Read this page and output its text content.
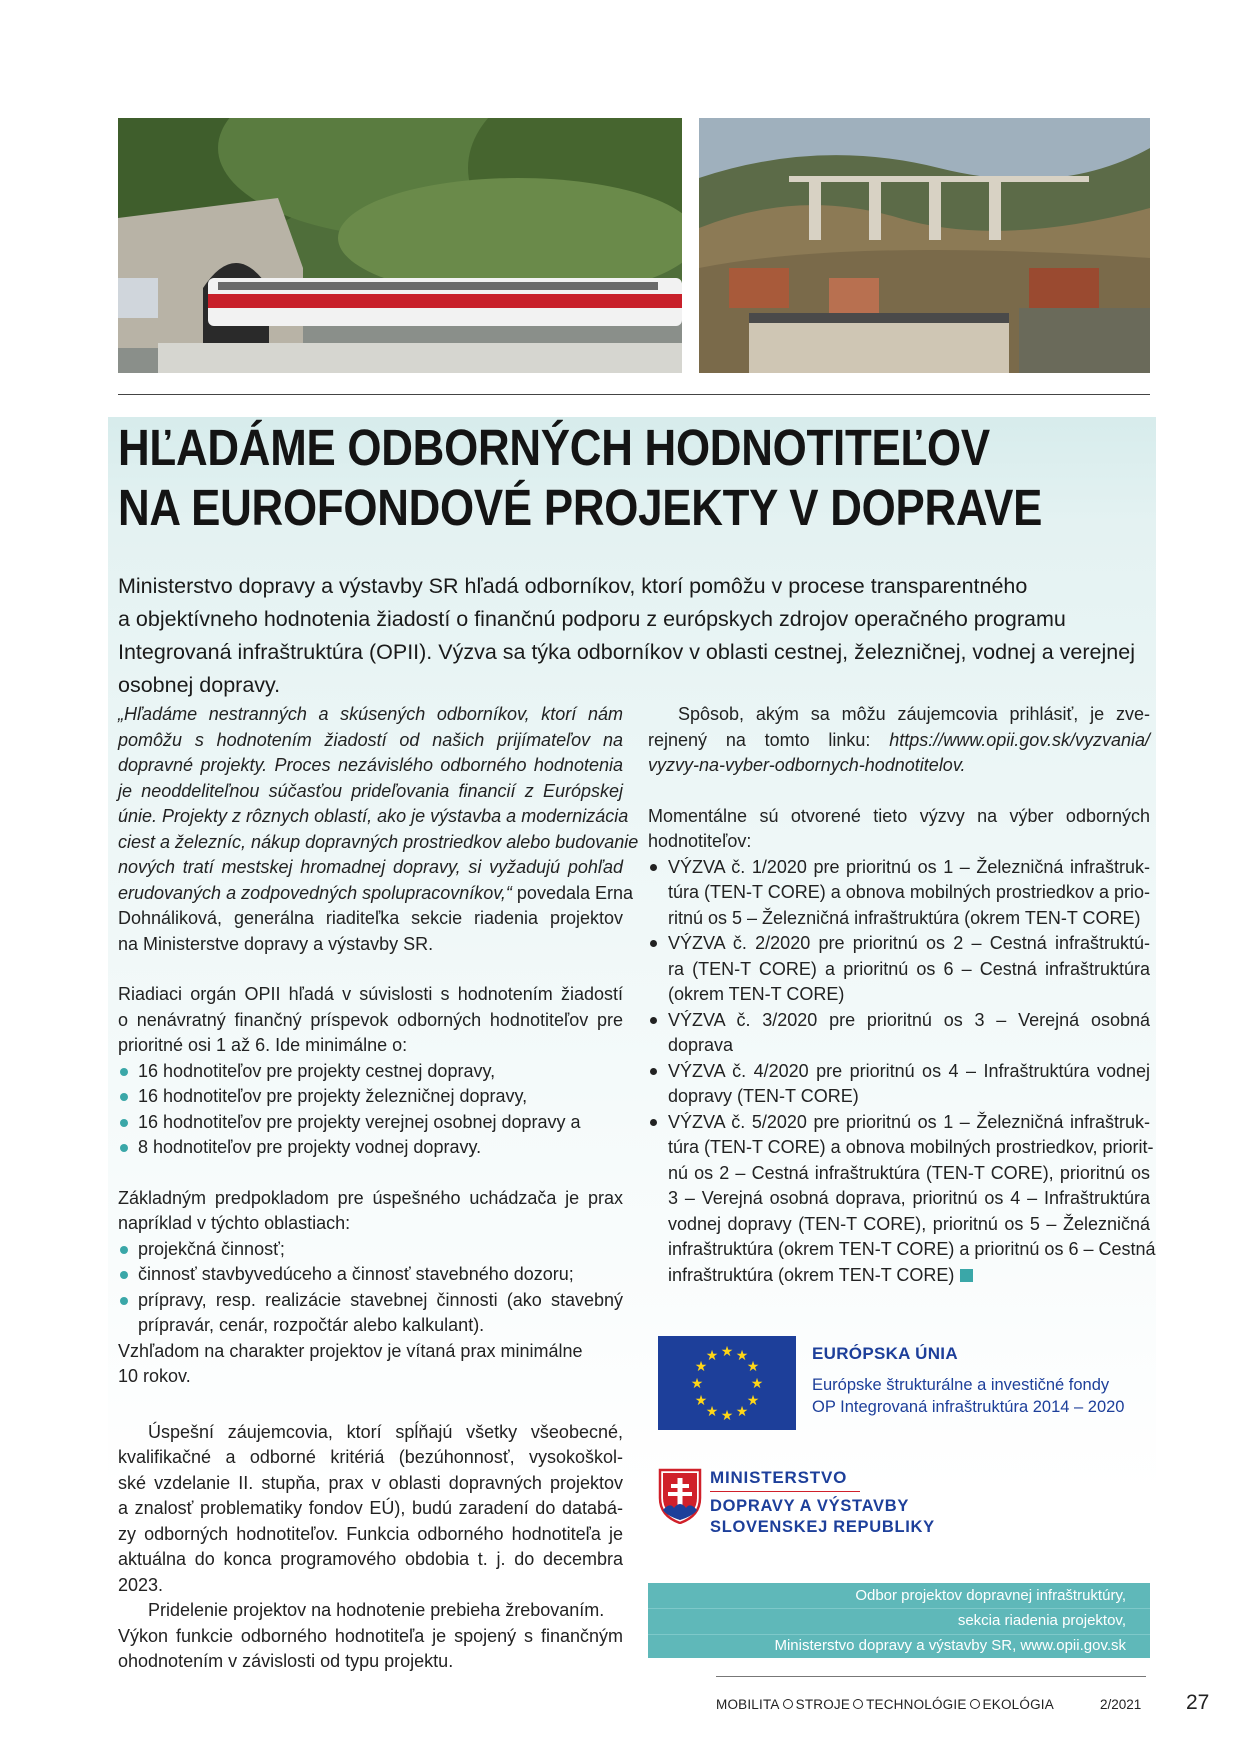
HĽADÁME ODBORNÝCH HODNOTITEĽOV
NA EUROFONDOVÉ PROJEKTY V DOPRAVE

Ministerstvo dopravy a výstavby SR hľadá odborníkov, ktorí pomôžu v procese transparentného
a objektívneho hodnotenia žiadostí o finančnú podporu z európskych zdrojov operačného programu
Integrovaná infraštruktúra (OPII). Výzva sa týka odborníkov v oblasti cestnej, železničnej, vodnej a verejnej
osobnej dopravy.

„Hľadáme nestranných a skúsených odborníkov, ktorí nám
pomôžu s hodnotením žiadostí od našich prijímateľov na
dopravné projekty. Proces nezávislého odborného hodnotenia
je neoddeliteľnou súčasťou prideľovania financií z Európskej
únie. Projekty z rôznych oblastí, ako je výstavba a modernizácia
ciest a železníc, nákup dopravných prostriedkov alebo budovanie
nových tratí mestskej hromadnej dopravy, si vyžadujú pohľad
erudovaných a zodpovedných spolupracovníkov,“ povedala Erna
Dohnáliková, generálna riaditeľka sekcie riadenia projektov
na Ministerstve dopravy a výstavby SR.
Riadiaci orgán OPII hľadá v súvislosti s hodnotením žiadostí
o nenávratný finančný príspevok odborných hodnotiteľov pre
prioritné osi 1 až 6. Ide minimálne o:
16 hodnotiteľov pre projekty cestnej dopravy,
16 hodnotiteľov pre projekty železničnej dopravy,
16 hodnotiteľov pre projekty verejnej osobnej dopravy a
8 hodnotiteľov pre projekty vodnej dopravy.
Základným predpokladom pre úspešného uchádzača je prax
napríklad v týchto oblastiach:
projekčná činnosť;
činnosť stavbyvedúceho a činnosť stavebného dozoru;
prípravy, resp. realizácie stavebnej činnosti (ako stavebný
prípravár, cenár, rozpočtár alebo kalkulant).
Vzhľadom na charakter projektov je vítaná prax minimálne
10 rokov.
Úspešní záujemcovia, ktorí spĺňajú všetky všeobecné,
kvalifikačné a odborné kritériá (bezúhonnosť, vysokoškol-
ské vzdelanie II. stupňa, prax v oblasti dopravných projektov
a znalosť problematiky fondov EÚ), budú zaradení do databá-
zy odborných hodnotiteľov. Funkcia odborného hodnotiteľa je
aktuálna do konca programového obdobia t. j. do decembra
2023.
Pridelenie projektov na hodnotenie prebieha žrebovaním.
Výkon funkcie odborného hodnotiteľa je spojený s finančným
ohodnotením v závislosti od typu projektu.
Spôsob, akým sa môžu záujemcovia prihlásiť, je zve-
rejnený na tomto linku: https://www.opii.gov.sk/vyzvania/
vyzvy-na-vyber-odbornych-hodnotitelov.
Momentálne sú otvorené tieto výzvy na výber odborných
hodnotiteľov:
VÝZVA č. 1/2020 pre prioritnú os 1 – Železničná infraštruk-
túra (TEN-T CORE) a obnova mobilných prostriedkov a prio-
ritnú os 5 – Železničná infraštruktúra (okrem TEN-T CORE)
VÝZVA č. 2/2020 pre prioritnú os 2 – Cestná infraštruktú-
ra (TEN-T CORE) a prioritnú os 6 – Cestná infraštruktúra
(okrem TEN-T CORE)
VÝZVA č. 3/2020 pre prioritnú os 3 – Verejná osobná
doprava
VÝZVA č. 4/2020 pre prioritnú os 4 – Infraštruktúra vodnej
dopravy (TEN-T CORE)
VÝZVA č. 5/2020 pre prioritnú os 1 – Železničná infraštruk-
túra (TEN-T CORE) a obnova mobilných prostriedkov, priorit-
nú os 2 – Cestná infraštruktúra (TEN-T CORE), prioritnú os
3 – Verejná osobná doprava, prioritnú os 4 – Infraštruktúra
vodnej dopravy (TEN-T CORE), prioritnú os 5 – Železničná
infraštruktúra (okrem TEN-T CORE) a prioritnú os 6 – Cestná
infraštruktúra (okrem TEN-T CORE)
★ ★
★
★
★
★
★
★
★
★
★
★	EURÓPSKA ÚNIA
Európske štrukturálne a investičné fondy
OP Integrovaná infraštruktúra 2014 – 2020
MINISTERSTVO
DOPRAVY A VÝSTAVBY
SLOVENSKEJ REPUBLIKY
Odbor projektov dopravnej infraštruktúry,
sekcia riadenia projektov,
Ministerstvo dopravy a výstavby SR, www.opii.gov.sk
MOBILITA STROJE TECHNOLÓGIE EKOLÓGIA	2/2021 27
